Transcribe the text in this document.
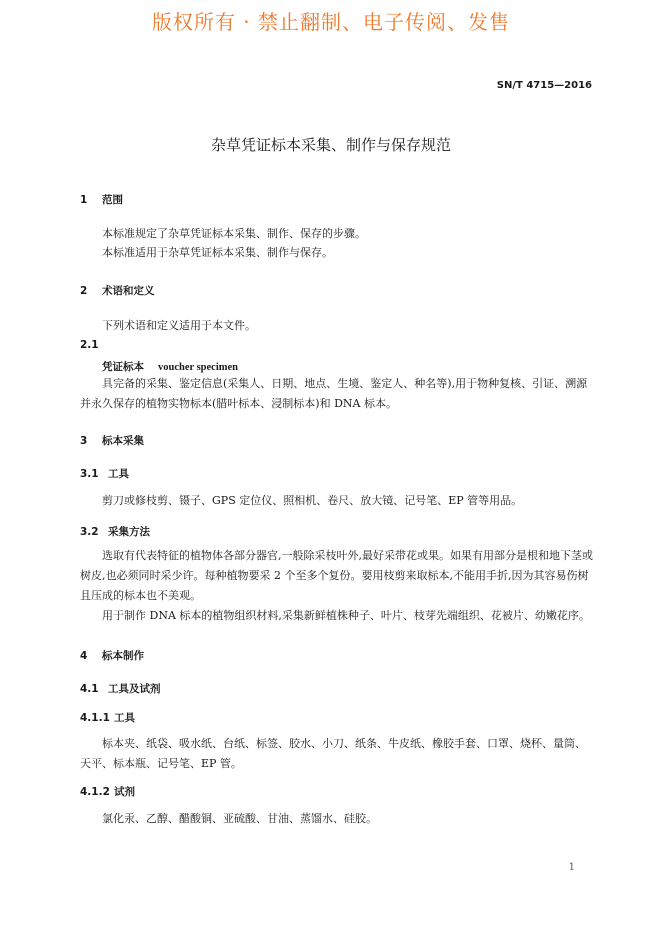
版权所有 · 禁止翻制、电子传阅、发售
SN/T 4715—2016
杂草凭证标本采集、制作与保存规范
1 范围
本标准规定了杂草凭证标本采集、制作、保存的步骤。
本标准适用于杂草凭证标本采集、制作与保存。
2 术语和定义
下列术语和定义适用于本文件。
2.1
凭证标本 voucher specimen
具完备的采集、鉴定信息(采集人、日期、地点、生境、鉴定人、种名等),用于物种复核、引证、溯源并永久保存的植物实物标本(腊叶标本、浸制标本)和 DNA 标本。
3 标本采集
3.1 工具
剪刀或修枝剪、镊子、GPS 定位仪、照相机、卷尺、放大镜、记号笔、EP 管等用品。
3.2 采集方法
选取有代表特征的植物体各部分器官,一般除采枝叶外,最好采带花或果。如果有用部分是根和地下茎或树皮,也必须同时采少许。每种植物要采 2 个至多个复份。要用枝剪来取标本,不能用手折,因为其容易伤树且压成的标本也不美观。
用于制作 DNA 标本的植物组织材料,采集新鲜植株种子、叶片、枝芽先端组织、花被片、幼嫩花序。
4 标本制作
4.1 工具及试剂
4.1.1 工具
标本夹、纸袋、吸水纸、台纸、标签、胶水、小刀、纸条、牛皮纸、橡胶手套、口罩、烧杯、量筒、天平、标本瓶、记号笔、EP 管。
4.1.2 试剂
氯化汞、乙醇、醋酸铜、亚硫酸、甘油、蒸馏水、硅胶。
1
